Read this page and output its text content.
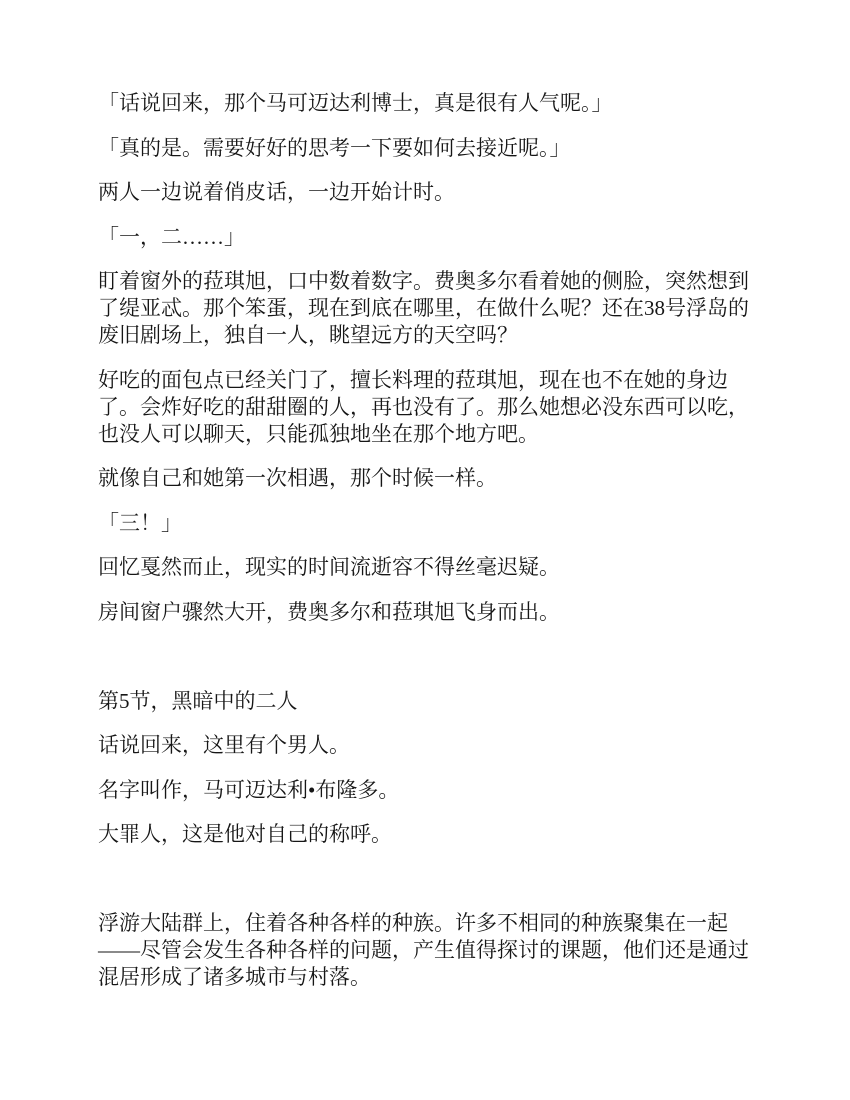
「话说回来，那个马可迈达利博士，真是很有人气呢。」

「真的是。需要好好的思考一下要如何去接近呢。」

两人一边说着俏皮话，一边开始计时。

「一，二……」

盯着窗外的菈琪旭，口中数着数字。费奥多尔看着她的侧脸，突然想到了缇亚忒。那个笨蛋，现在到底在哪里，在做什么呢？还在38号浮岛的废旧剧场上，独自一人，眺望远方的天空吗？

好吃的面包点已经关门了，擅长料理的菈琪旭，现在也不在她的身边了。会炸好吃的甜甜圈的人，再也没有了。那么她想必没东西可以吃，也没人可以聊天，只能孤独地坐在那个地方吧。

就像自己和她第一次相遇，那个时候一样。

「三！」

回忆戛然而止，现实的时间流逝容不得丝毫迟疑。

房间窗户骤然大开，费奥多尔和菈琪旭飞身而出。

第5节，黑暗中的二人

话说回来，这里有个男人。

名字叫作，马可迈达利•布隆多。

大罪人，这是他对自己的称呼。

浮游大陆群上，住着各种各样的种族。许多不相同的种族聚集在一起——尽管会发生各种各样的问题，产生值得探讨的课题，他们还是通过混居形成了诸多城市与村落。
